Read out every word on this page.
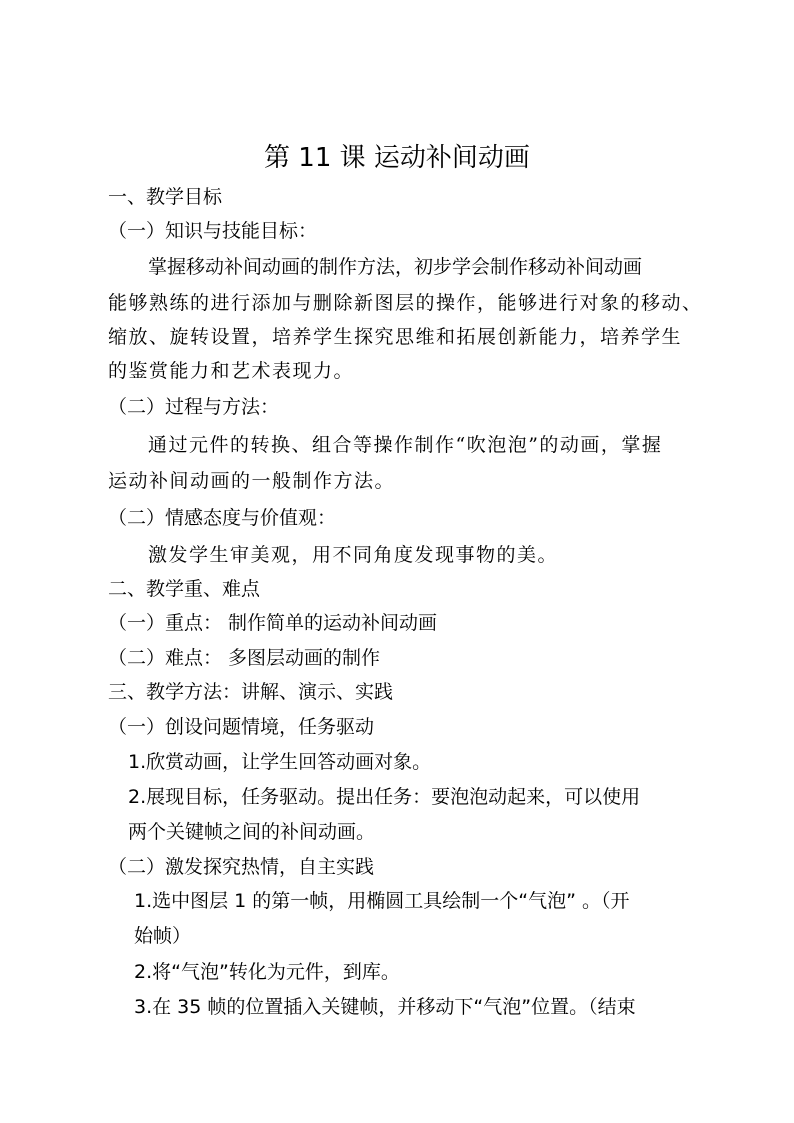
第 11 课 运动补间动画
一、教学目标
（一）知识与技能目标：
掌握移动补间动画的制作方法，初步学会制作移动补间动画
能够熟练的进行添加与删除新图层的操作，能够进行对象的移动、
缩放、旋转设置，培养学生探究思维和拓展创新能力，培养学生
的鉴赏能力和艺术表现力。
（二）过程与方法：
通过元件的转换、组合等操作制作“吹泡泡”的动画，掌握
运动补间动画的一般制作方法。
（二）情感态度与价值观：
激发学生审美观，用不同角度发现事物的美。
二、教学重、难点
（一）重点： 制作简单的运动补间动画
（二）难点： 多图层动画的制作
三、教学方法：讲解、演示、实践
（一）创设问题情境，任务驱动
1.欣赏动画，让学生回答动画对象。
2.展现目标，任务驱动。提出任务：要泡泡动起来，可以使用
两个关键帧之间的补间动画。
（二）激发探究热情，自主实践
1.选中图层 1 的第一帧，用椭圆工具绘制一个“气泡” 。（开
始帧）
2.将“气泡”转化为元件，到库。
3.在 35 帧的位置插入关键帧，并移动下“气泡”位置。（结束
